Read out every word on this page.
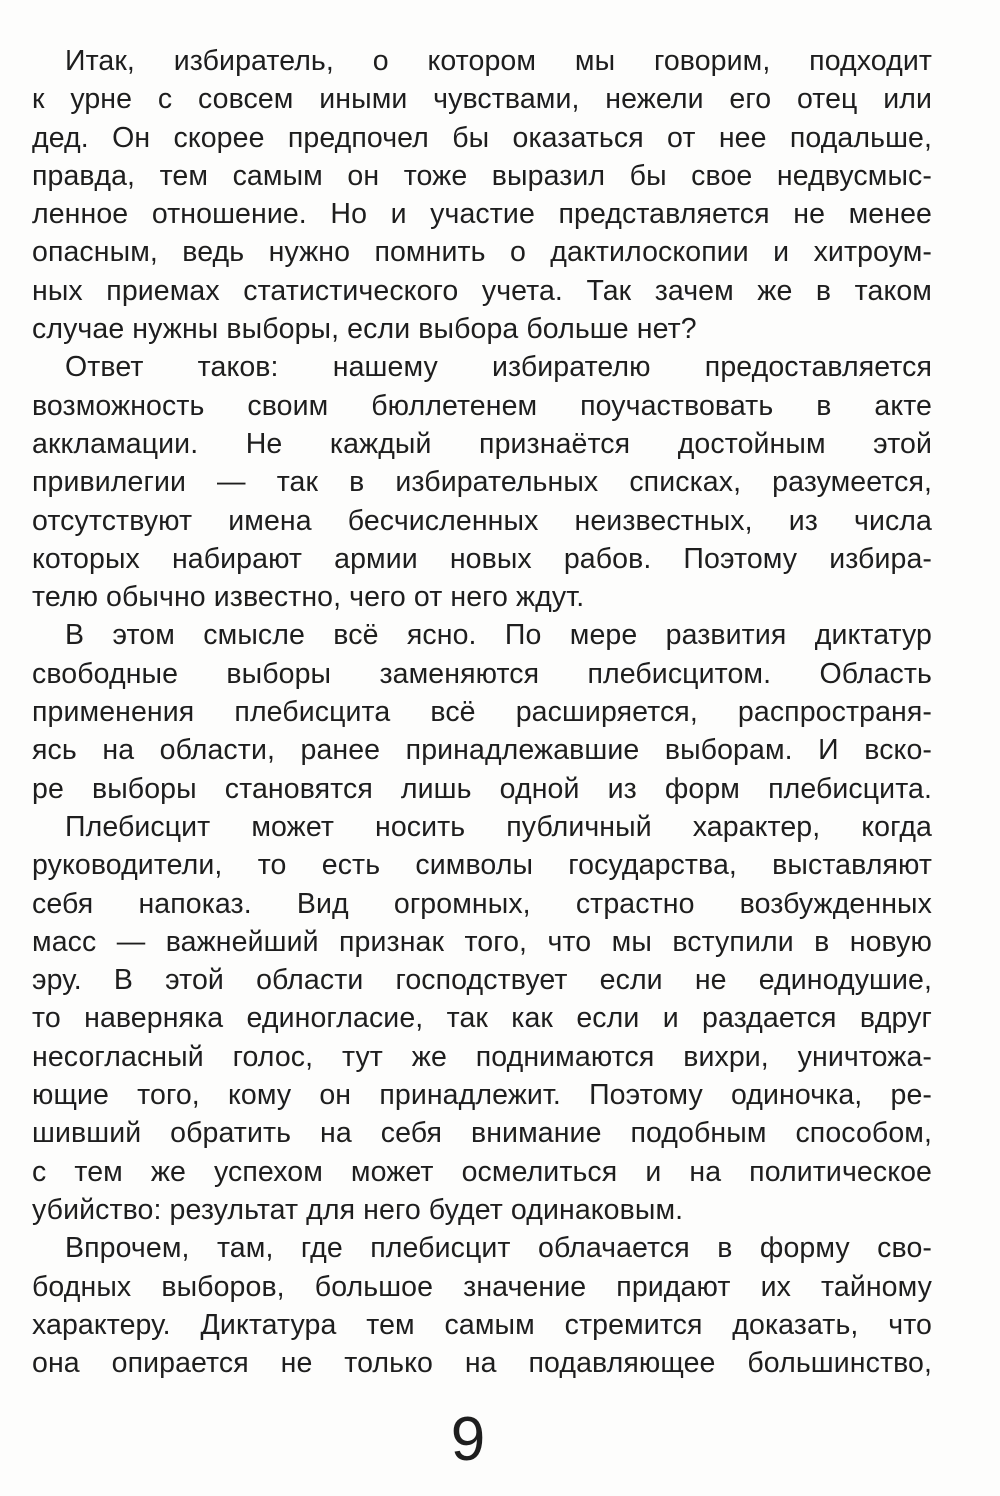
Итак, избиратель, о котором мы говорим, подходит
к урне с совсем иными чувствами, нежели его отец или
дед. Он скорее предпочел бы оказаться от нее подальше,
правда, тем самым он тоже выразил бы свое недвусмыс-
ленное отношение. Но и участие представляется не менее
опасным, ведь нужно помнить о дактилоскопии и хитроум-
ных приемах статистического учета. Так зачем же в таком
случае нужны выборы, если выбора больше нет?
Ответ таков: нашему избирателю предоставляется
возможность своим бюллетенем поучаствовать в акте
аккламации. Не каждый признаётся достойным этой
привилегии — так в избирательных списках, разумеется,
отсутствуют имена бесчисленных неизвестных, из числа
которых набирают армии новых рабов. Поэтому избира-
телю обычно известно, чего от него ждут.
В этом смысле всё ясно. По мере развития диктатур
свободные выборы заменяются плебисцитом. Область
применения плебисцита всё расширяется, распространя-
ясь на области, ранее принадлежавшие выборам. И вско-
ре выборы становятся лишь одной из форм плебисцита.
Плебисцит может носить публичный характер, когда
руководители, то есть символы государства, выставляют
себя напоказ. Вид огромных, страстно возбужденных
масс — важнейший признак того, что мы вступили в новую
эру. В этой области господствует если не единодушие,
то наверняка единогласие, так как если и раздается вдруг
несогласный голос, тут же поднимаются вихри, уничтожа-
ющие того, кому он принадлежит. Поэтому одиночка, ре-
шивший обратить на себя внимание подобным способом,
с тем же успехом может осмелиться и на политическое
убийство: результат для него будет одинаковым.
Впрочем, там, где плебисцит облачается в форму сво-
бодных выборов, большое значение придают их тайному
характеру. Диктатура тем самым стремится доказать, что
она опирается не только на подавляющее большинство,
9
